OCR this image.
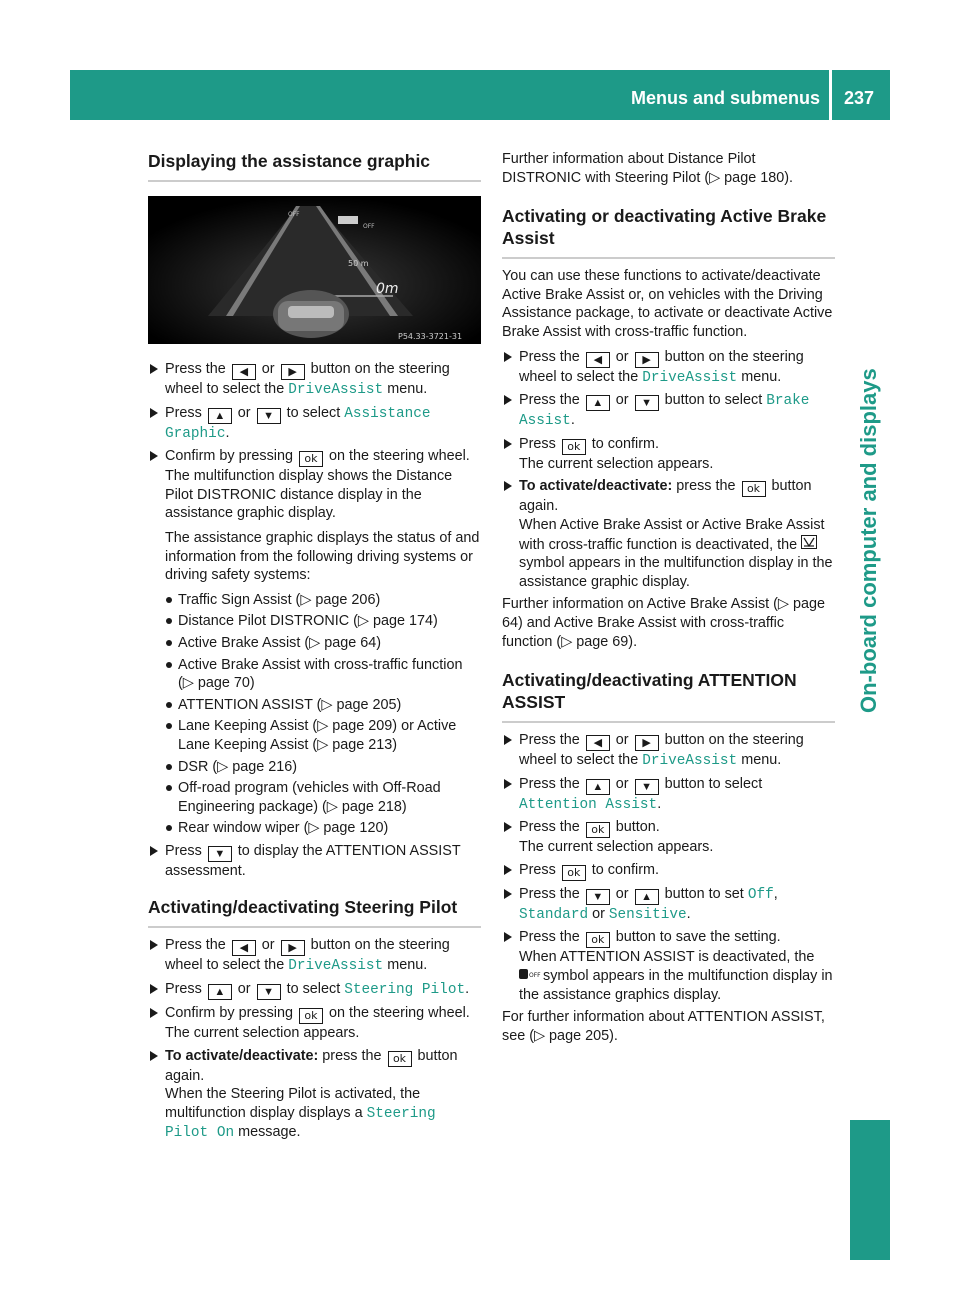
Menus and submenus 237
On-board computer and displays
Displaying the assistance graphic
OFF
OFF
50 m
0m
P54.33-3721-31
Press the ◀ or ▶ button on the steering wheel to select the DriveAssist menu.
Press ▲ or ▼ to select Assistance Graphic.
Confirm by pressing ok on the steering wheel.
The multifunction display shows the Distance Pilot DISTRONIC distance display in the assistance graphic display.

The assistance graphic displays the status of and information from the following driving systems or driving safety systems:

Traffic Sign Assist (▷ page 206)
Distance Pilot DISTRONIC (▷ page 174)
Active Brake Assist (▷ page 64)
Active Brake Assist with cross-traffic function (▷ page 70)
ATTENTION ASSIST (▷ page 205)
Lane Keeping Assist (▷ page 209) or Active Lane Keeping Assist (▷ page 213)
DSR (▷ page 216)
Off-road program (vehicles with Off-Road Engineering package) (▷ page 218)
Rear window wiper (▷ page 120)
Press ▼ to display the ATTENTION ASSIST assessment.
Activating/deactivating Steering Pilot
Press the ◀ or ▶ button on the steering wheel to select the DriveAssist menu.
Press ▲ or ▼ to select Steering Pilot.
Confirm by pressing ok on the steering wheel.
The current selection appears.
To activate/deactivate: press the ok button again.
When the Steering Pilot is activated, the multifunction display displays a Steering Pilot On message.

Further information about Distance Pilot DISTRONIC with Steering Pilot (▷ page 180).

Activating or deactivating Active Brake Assist

You can use these functions to activate/deactivate Active Brake Assist or, on vehicles with the Driving Assistance package, to activate or deactivate Active Brake Assist with cross-traffic function.

Press the ◀ or ▶ button on the steering wheel to select the DriveAssist menu.
Press the ▲ or ▼ button to select Brake Assist.
Press ok to confirm.
The current selection appears.
To activate/deactivate: press the ok button again.
When Active Brake Assist or Active Brake Assist with cross-traffic function is deactivated, the  symbol appears in the multifunction display in the assistance graphic display.

Further information on Active Brake Assist (▷ page 64) and Active Brake Assist with cross-traffic function (▷ page 69).

Activating/deactivating ATTENTION ASSIST
Press the ◀ or ▶ button on the steering wheel to select the DriveAssist menu.
Press the ▲ or ▼ button to select Attention Assist.
Press the ok button.
The current selection appears.
Press ok to confirm.
Press the ▼ or ▲ button to set Off, Standard or Sensitive.
Press the ok button to save the setting.
When ATTENTION ASSIST is deactivated, the
OFF symbol appears in the multifunction display in the assistance graphics display.

For further information about ATTENTION ASSIST, see (▷ page 205).
